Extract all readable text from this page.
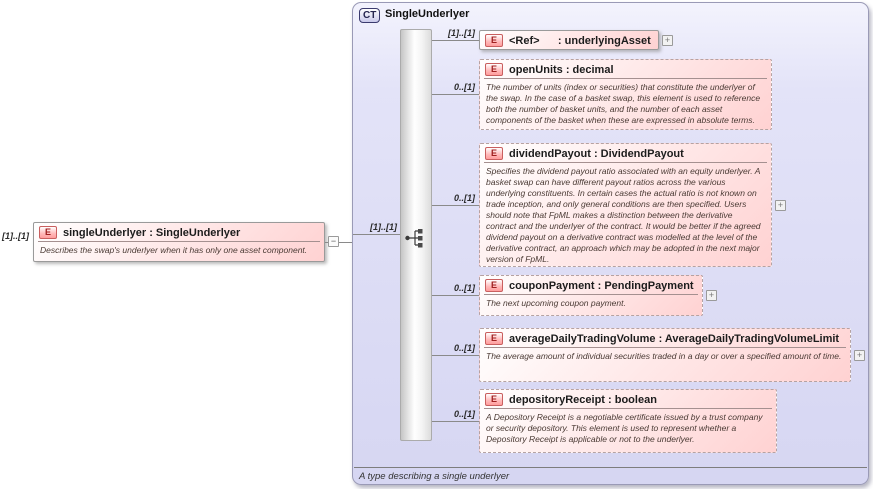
[1]..[1]	E	singleUnderlyer : SingleUnderlyer
Describes the swap's underlyer when it has only one asset component.
−
CT SingleUnderlyer
[1]..[1]
[1]..[1]
0..[1]
0..[1]
0..[1]
0..[1]
0..[1]
E	<Ref>      : underlyingAsset	+
E	openUnits : decimal
The number of units (index or securities) that constitute the underlyer of the swap. In the case of a basket swap, this element is used to reference both the number of basket units, and the number of each asset components of the basket when these are expressed in absolute terms.
E	dividendPayout : DividendPayout
Specifies the dividend payout ratio associated with an equity underlyer. A basket swap can have different payout ratios across the various underlying constituents. In certain cases the actual ratio is not known on trade inception, and only general conditions are then specified. Users should note that FpML makes a distinction between the derivative contract and the underlyer of the contract. It would be better if the agreed dividend payout on a derivative contract was modelled at the level of the derivative contract, an approach which may be adopted in the next major version of FpML.
+
E	couponPayment : PendingPayment
The next upcoming coupon payment.
+
E	averageDailyTradingVolume : AverageDailyTradingVolumeLimit
The average amount of individual securities traded in a day or over a specified amount of time.	+
E	depositoryReceipt : boolean
A Depository Receipt is a negotiable certificate issued by a trust company or security depository. This element is used to represent whether a Depository Receipt is applicable or not to the underlyer.
A type describing a single underlyer
